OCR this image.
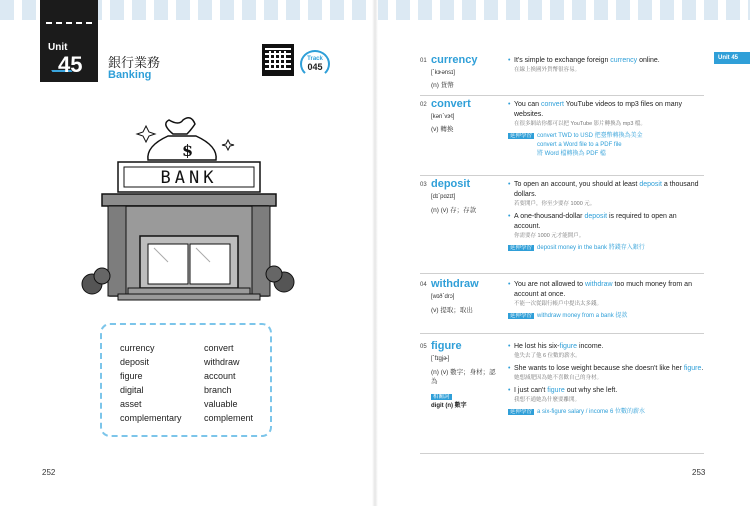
Unit
45 銀行業務
Banking
Track
045
$
BANK
currency
deposit
figure
digital
asset
complementary
convert
withdraw
account
branch
valuable
complement
252
Unit 45
01 currency
[ˋkɝənsɪ]
(n) 貨幣
• It's simple to exchange foreign currency online.
在線上換國外貨幣很容易。
02 convert
[kənˋvɝt]
(v) 轉換
• You can convert YouTube videos to mp3 files on many websites.
在很多網站你都可以把 YouTube 影片轉換為 mp3 檔。
延伸學習 convert TWD to USD 把臺幣轉換為美金
convert a Word file to a PDF file
將 Word 檔轉換為 PDF 檔
03 deposit
[dɪˋpɑzɪt]
(n) (v) 存；存款
• To open an account, you should at least deposit a thousand dollars.
若要開戶，你至少要存 1000 元。
• A one-thousand-dollar deposit is required to open an account.
你需要存 1000 元才能開戶。
延伸學習 deposit money in the bank 將錢存入銀行
04 withdraw
[wɪðˋdrɔ]
(v) 提取；取出
• You are not allowed to withdraw too much money from an account at once.
不能一次從銀行帳戶中提出太多錢。
延伸學習 withdraw money from a bank 提款
05 figure
[ˋfɪgjɚ]
(n) (v) 數字；身材；認為
相關詞
digit (n) 數字
• He lost his six-figure income.
他失去了他 6 位數的薪水。
• She wants to lose weight because she doesn't like her figure.
她想減肥因為她不喜歡自己的身材。
• I just can't figure out why she left.
我想不通她為什麼要離開。
延伸學習 a six-figure salary / income 6 位數的薪水
253
